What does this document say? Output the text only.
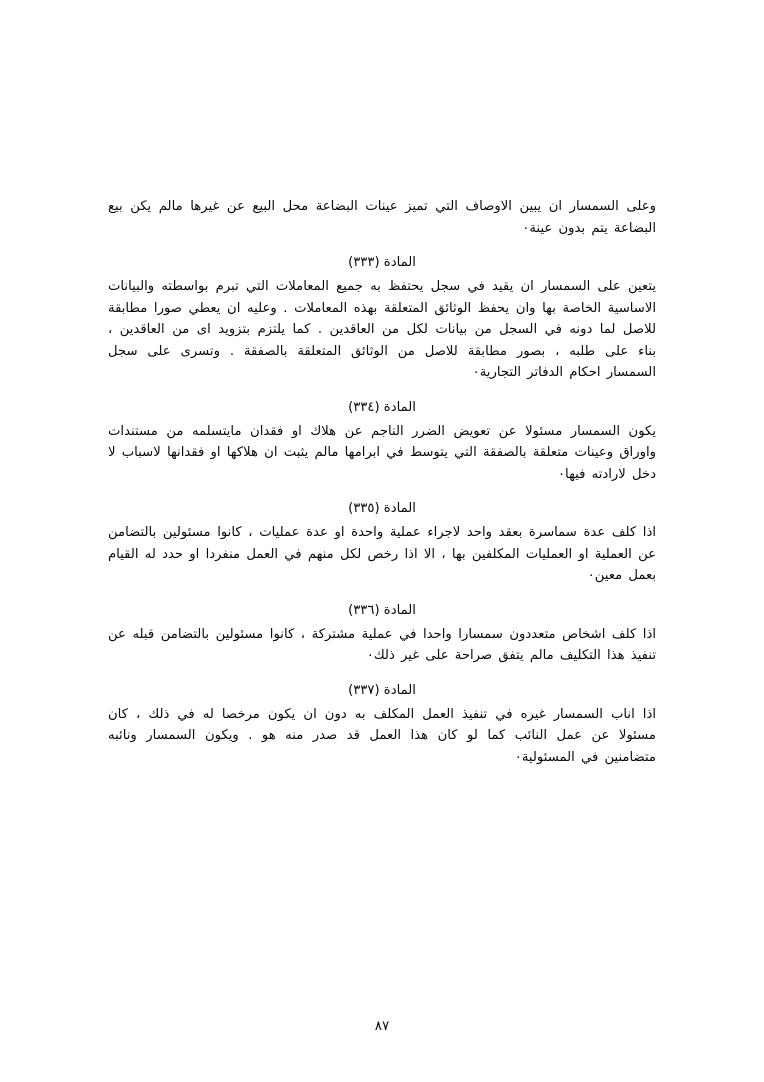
وعلى السمسار ان يبين الاوصاف التي تميز عينات البضاعة محل البيع عن غيرها مالم يكن بيع البضاعة يتم بدون عينة٠

المادة (٣٣٣)

يتعين على السمسار ان يقيد في سجل يحتفظ به جميع المعاملات التي تبرم بواسطته والبيانات الاساسية الخاصة بها وان يحفظ الوثائق المتعلقة بهذه المعاملات . وعليه ان يعطي صورا مطابقة للاصل لما دونه في السجل من بيانات لكل من العاقدين . كما يلتزم بتزويد اى من العاقدين ، بناء على طلبه ، بصور مطابقة للاصل من الوثائق المتعلقة بالصفقة . وتسرى على سجل السمسار احكام الدفاتر التجارية٠

المادة (٣٣٤)

يكون السمسار مسئولا عن تعويض الضرر الناجم عن هلاك او فقدان مايتسلمه من مستندات واوراق وعينات متعلقة بالصفقة التي يتوسط في ابرامها مالم يثبت ان هلاكها او فقدانها لاسباب لا دخل لارادته فيها٠

المادة (٣٣٥)

اذا كلف عدة سماسرة بعقد واحد لاجراء عملية واحدة او عدة عمليات ، كانوا مسئولين بالتضامن عن العملية او العمليات المكلفين بها ، الا اذا رخص لكل منهم في العمل منفردا او حدد له القيام بعمل معين٠

المادة (٣٣٦)

اذا كلف اشخاص متعددون سمسارا واحدا في عملية مشتركة ، كانوا مسئولين بالتضامن قبله عن تنفيذ هذا التكليف مالم يتفق صراحة على غير ذلك٠

المادة (٣٣٧)

اذا اناب السمسار غيره في تنفيذ العمل المكلف به دون ان يكون مرخصا له في ذلك ، كان مسئولا عن عمل النائب كما لو كان هذا العمل قد صدر منه هو . ويكون السمسار ونائبه متضامنين في المسئولية٠

٨٧
